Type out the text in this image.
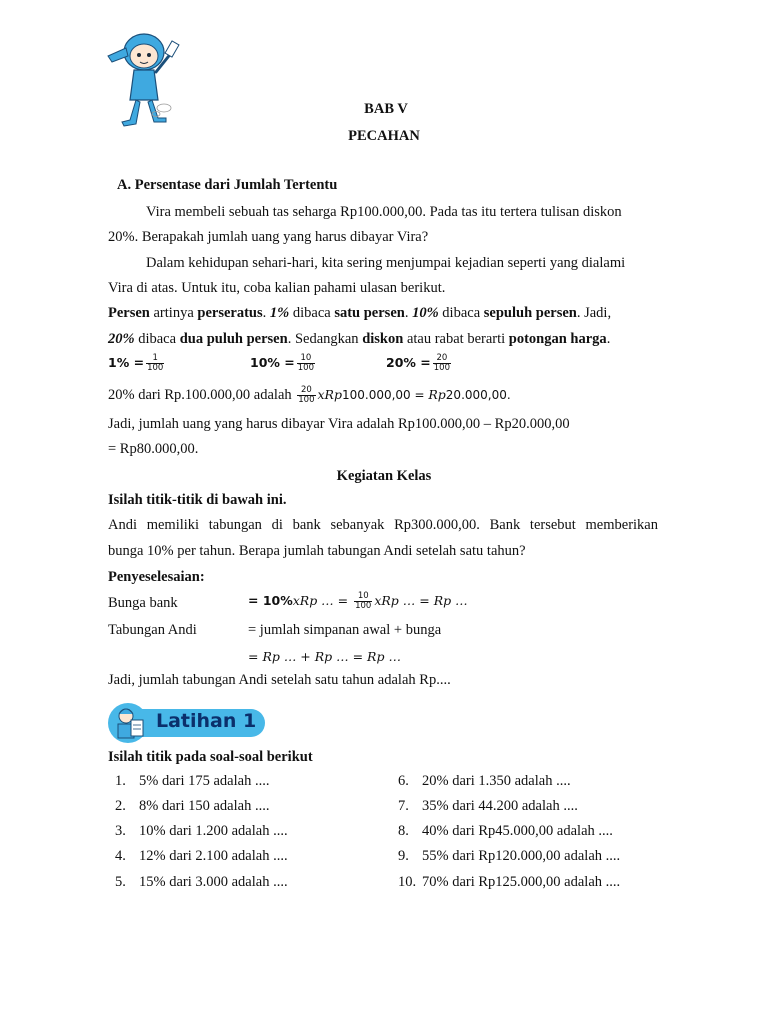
BAB V
PECAHAN
A. Persentase dari Jumlah Tertentu
Vira membeli sebuah tas seharga Rp100.000,00. Pada tas itu tertera tulisan diskon
20%. Berapakah jumlah uang yang harus dibayar Vira?
Dalam kehidupan sehari-hari, kita sering menjumpai kejadian seperti yang dialami
Vira di atas. Untuk itu, coba kalian pahami ulasan berikut.
Persen artinya perseratus. 1% dibaca satu persen. 10% dibaca sepuluh persen. Jadi,
20% dibaca dua puluh persen. Sedangkan diskon atau rabat berarti potongan harga.
$1\% = \frac{1}{100}$	$10\% = \frac{10}{100}$	$20\% = \frac{20}{100}$
20% dari Rp.100.000,00 adalah $\frac{20}{100} xRp100.000,00 = Rp20.000,00$.
Jadi, jumlah uang yang harus dibayar Vira adalah Rp100.000,00 – Rp20.000,00
= Rp80.000,00.
Kegiatan Kelas
Isilah titik-titik di bawah ini.
Andi memiliki tabungan di bank sebanyak Rp300.000,00. Bank tersebut memberikan
bunga 10% per tahun. Berapa jumlah tabungan Andi setelah satu tahun?
Penyeselesaian:
Bunga bank	= 10%xRp … = $\frac{10}{100}$ xRp … = Rp …
Tabungan Andi	= jumlah simpanan awal + bunga
= Rp … + Rp … = Rp …
Jadi, jumlah tabungan Andi setelah satu tahun adalah Rp....
Latihan 1
Isilah titik pada soal-soal berikut
1. 5% dari 175 adalah ....
2. 8% dari 150 adalah ....
3. 10% dari 1.200 adalah ....
4. 12% dari 2.100 adalah ....
5. 15% dari 3.000 adalah ....
6. 20% dari 1.350 adalah ....
7. 35% dari 44.200 adalah ....
8. 40% dari Rp45.000,00 adalah ....
9. 55% dari Rp120.000,00 adalah ....
10. 70% dari Rp125.000,00 adalah ....
